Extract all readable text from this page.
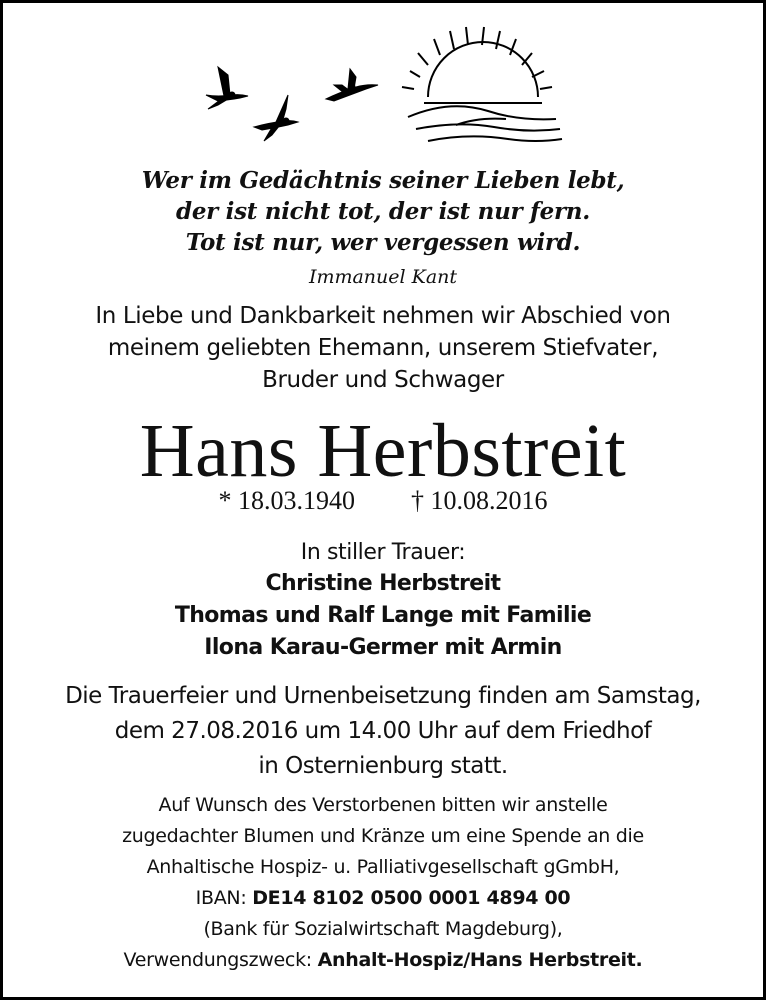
Wer im Gedächtnis seiner Lieben lebt,
der ist nicht tot, der ist nur fern.
Tot ist nur, wer vergessen wird.
Immanuel Kant
In Liebe und Dankbarkeit nehmen wir Abschied von
meinem geliebten Ehemann, unserem Stiefvater,
Bruder und Schwager
Hans Herbstreit
* 18.03.1940 † 10.08.2016
In stiller Trauer:
Christine Herbstreit
Thomas und Ralf Lange mit Familie
Ilona Karau-Germer mit Armin
Die Trauerfeier und Urnenbeisetzung finden am Samstag,
dem 27.08.2016 um 14.00 Uhr auf dem Friedhof
in Osternienburg statt.
Auf Wunsch des Verstorbenen bitten wir anstelle
zugedachter Blumen und Kränze um eine Spende an die
Anhaltische Hospiz- u. Palliativgesellschaft gGmbH,
IBAN: DE14 8102 0500 0001 4894 00
(Bank für Sozialwirtschaft Magdeburg),
Verwendungszweck: Anhalt-Hospiz/Hans Herbstreit.
